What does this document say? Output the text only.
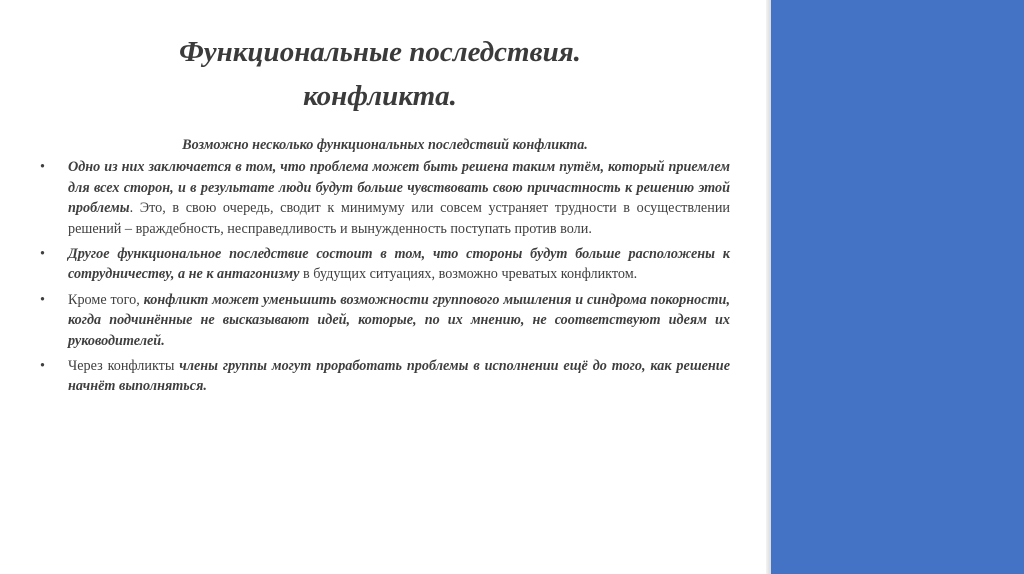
Функциональные последствия.
конфликта.

Возможно несколько функциональных последствий конфликта.

•	Одно из них заключается в том, что проблема может быть решена таким путём, который приемлем для всех сторон, и в результате люди будут больше чувствовать свою причастность к решению этой проблемы. Это, в свою очередь, сводит к минимуму или совсем устраняет трудности в осуществлении решений – враждебность, несправедливость и вынужденность поступать против воли.
•	Другое функциональное последствие состоит в том, что стороны будут больше расположены к сотрудничеству, а не к антагонизму в будущих ситуациях, возможно чреватых конфликтом.
•	Кроме того, конфликт может уменьшить возможности группового мышления и синдрома покорности, когда подчинённые не высказывают идей, которые, по их мнению, не соответствуют идеям их руководителей.
•	Через конфликты члены группы могут проработать проблемы в исполнении ещё до того, как решение начнёт выполняться.
